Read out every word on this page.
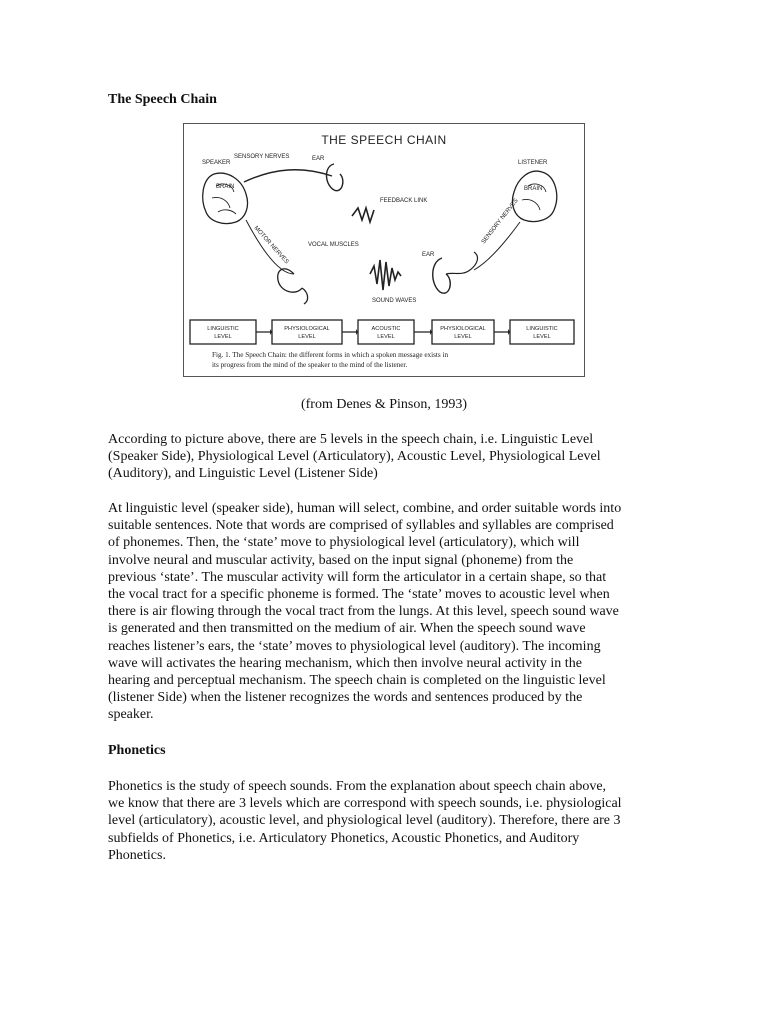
The Speech Chain
THE SPEECH CHAIN
SPEAKER
SENSORY NERVES	EAR
BRAIN
MOTOR NERVES
FEEDBACK LINK
VOCAL MUSCLES
SOUND WAVES
LISTENER
BRAIN
SENSORY NERVES
EAR
LINGUISTIC
LEVEL
PHYSIOLOGICAL
LEVEL
ACOUSTIC
LEVEL
PHYSIOLOGICAL
LEVEL
LINGUISTIC
LEVEL
Fig. 1. The Speech Chain: the different forms in which a spoken message exists in
its progress from the mind of the speaker to the mind of the listener.

(from Denes & Pinson, 1993)

According to picture above, there are 5 levels in the speech chain, i.e. Linguistic Level
(Speaker Side), Physiological Level (Articulatory), Acoustic Level, Physiological Level
(Auditory), and Linguistic Level (Listener Side)

At linguistic level (speaker side), human will select, combine, and order suitable words into
suitable sentences. Note that words are comprised of syllables and syllables are comprised
of phonemes. Then, the ‘state’ move to physiological level (articulatory), which will
involve neural and muscular activity, based on the input signal (phoneme) from the
previous ‘state’. The muscular activity will form the articulator in a certain shape, so that
the vocal tract for a specific phoneme is formed. The ‘state’ moves to acoustic level when
there is air flowing through the vocal tract from the lungs. At this level, speech sound wave
is generated and then transmitted on the medium of air. When the speech sound wave
reaches listener’s ears, the ‘state’ moves to physiological level (auditory). The incoming
wave will activates the hearing mechanism, which then involve neural activity in the
hearing and perceptual mechanism. The speech chain is completed on the linguistic level
(listener Side) when the listener recognizes the words and sentences produced by the
speaker.

Phonetics

Phonetics is the study of speech sounds. From the explanation about speech chain above,
we know that there are 3 levels which are correspond with speech sounds, i.e. physiological
level (articulatory), acoustic level, and physiological level (auditory). Therefore, there are 3
subfields of Phonetics, i.e. Articulatory Phonetics, Acoustic Phonetics, and Auditory
Phonetics.
